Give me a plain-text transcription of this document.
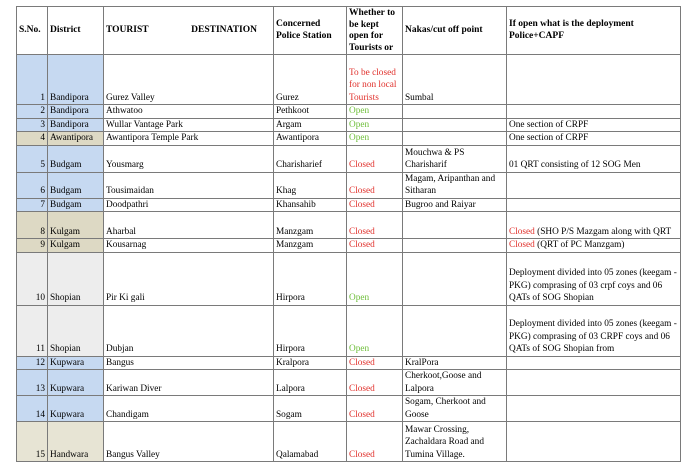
S.No.	District	TOURIST DESTINATION	Concerned Police Station	Whether to be kept open for Tourists or	Nakas/cut off point	If open what is the deployment Police+CAPF
1	Bandipora	Gurez Valley	Gurez	To be closed for non local Tourists	Sumbal	
2	Bandipora	Athwatoo	Pethkoot	Open		
3	Bandipora	Wullar Vantage Park	Argam	Open		One section of CRPF
4	Awantipora	Awantipora Temple Park	Awantipora	Open		One section of CRPF
5	Budgam	Yousmarg	Charisharief	Closed	Mouchwa & PS Charisharif	01 QRT consisting of 12 SOG Men
6	Budgam	Tousimaidan	Khag	Closed	Magam, Aripanthan and Sitharan	
7	Budgam	Doodpathri	Khansahib	Closed	Bugroo and Raiyar	
8	Kulgam	Aharbal	Manzgam	Closed		Closed (SHO P/S Mazgam along with QRT
9	Kulgam	Kousarnag	Manzgam	Closed		Closed (QRT of PC Manzgam)
10	Shopian	Pir Ki gali	Hirpora	Open		Deployment divided into 05 zones (keegam -PKG) comprasing of 03 crpf coys and 06 QATs of SOG Shopian
11	Shopian	Dubjan	Hirpora	Open		Deployment divided into 05 zones (keegam -PKG) comprasing of 03 CRPF coys and 06 QATs of SOG Shopian from
12	Kupwara	Bangus	Kralpora	Closed	KralPora	
13	Kupwara	Kariwan Diver	Lalpora	Closed	Cherkoot,Goose and Lalpora	
14	Kupwara	Chandigam	Sogam	Closed	Sogam, Cherkoot and Goose	
15	Handwara	Bangus Valley	Qalamabad	Closed	Mawar Crossing, Zachaldara Road and Tumina Village.	
